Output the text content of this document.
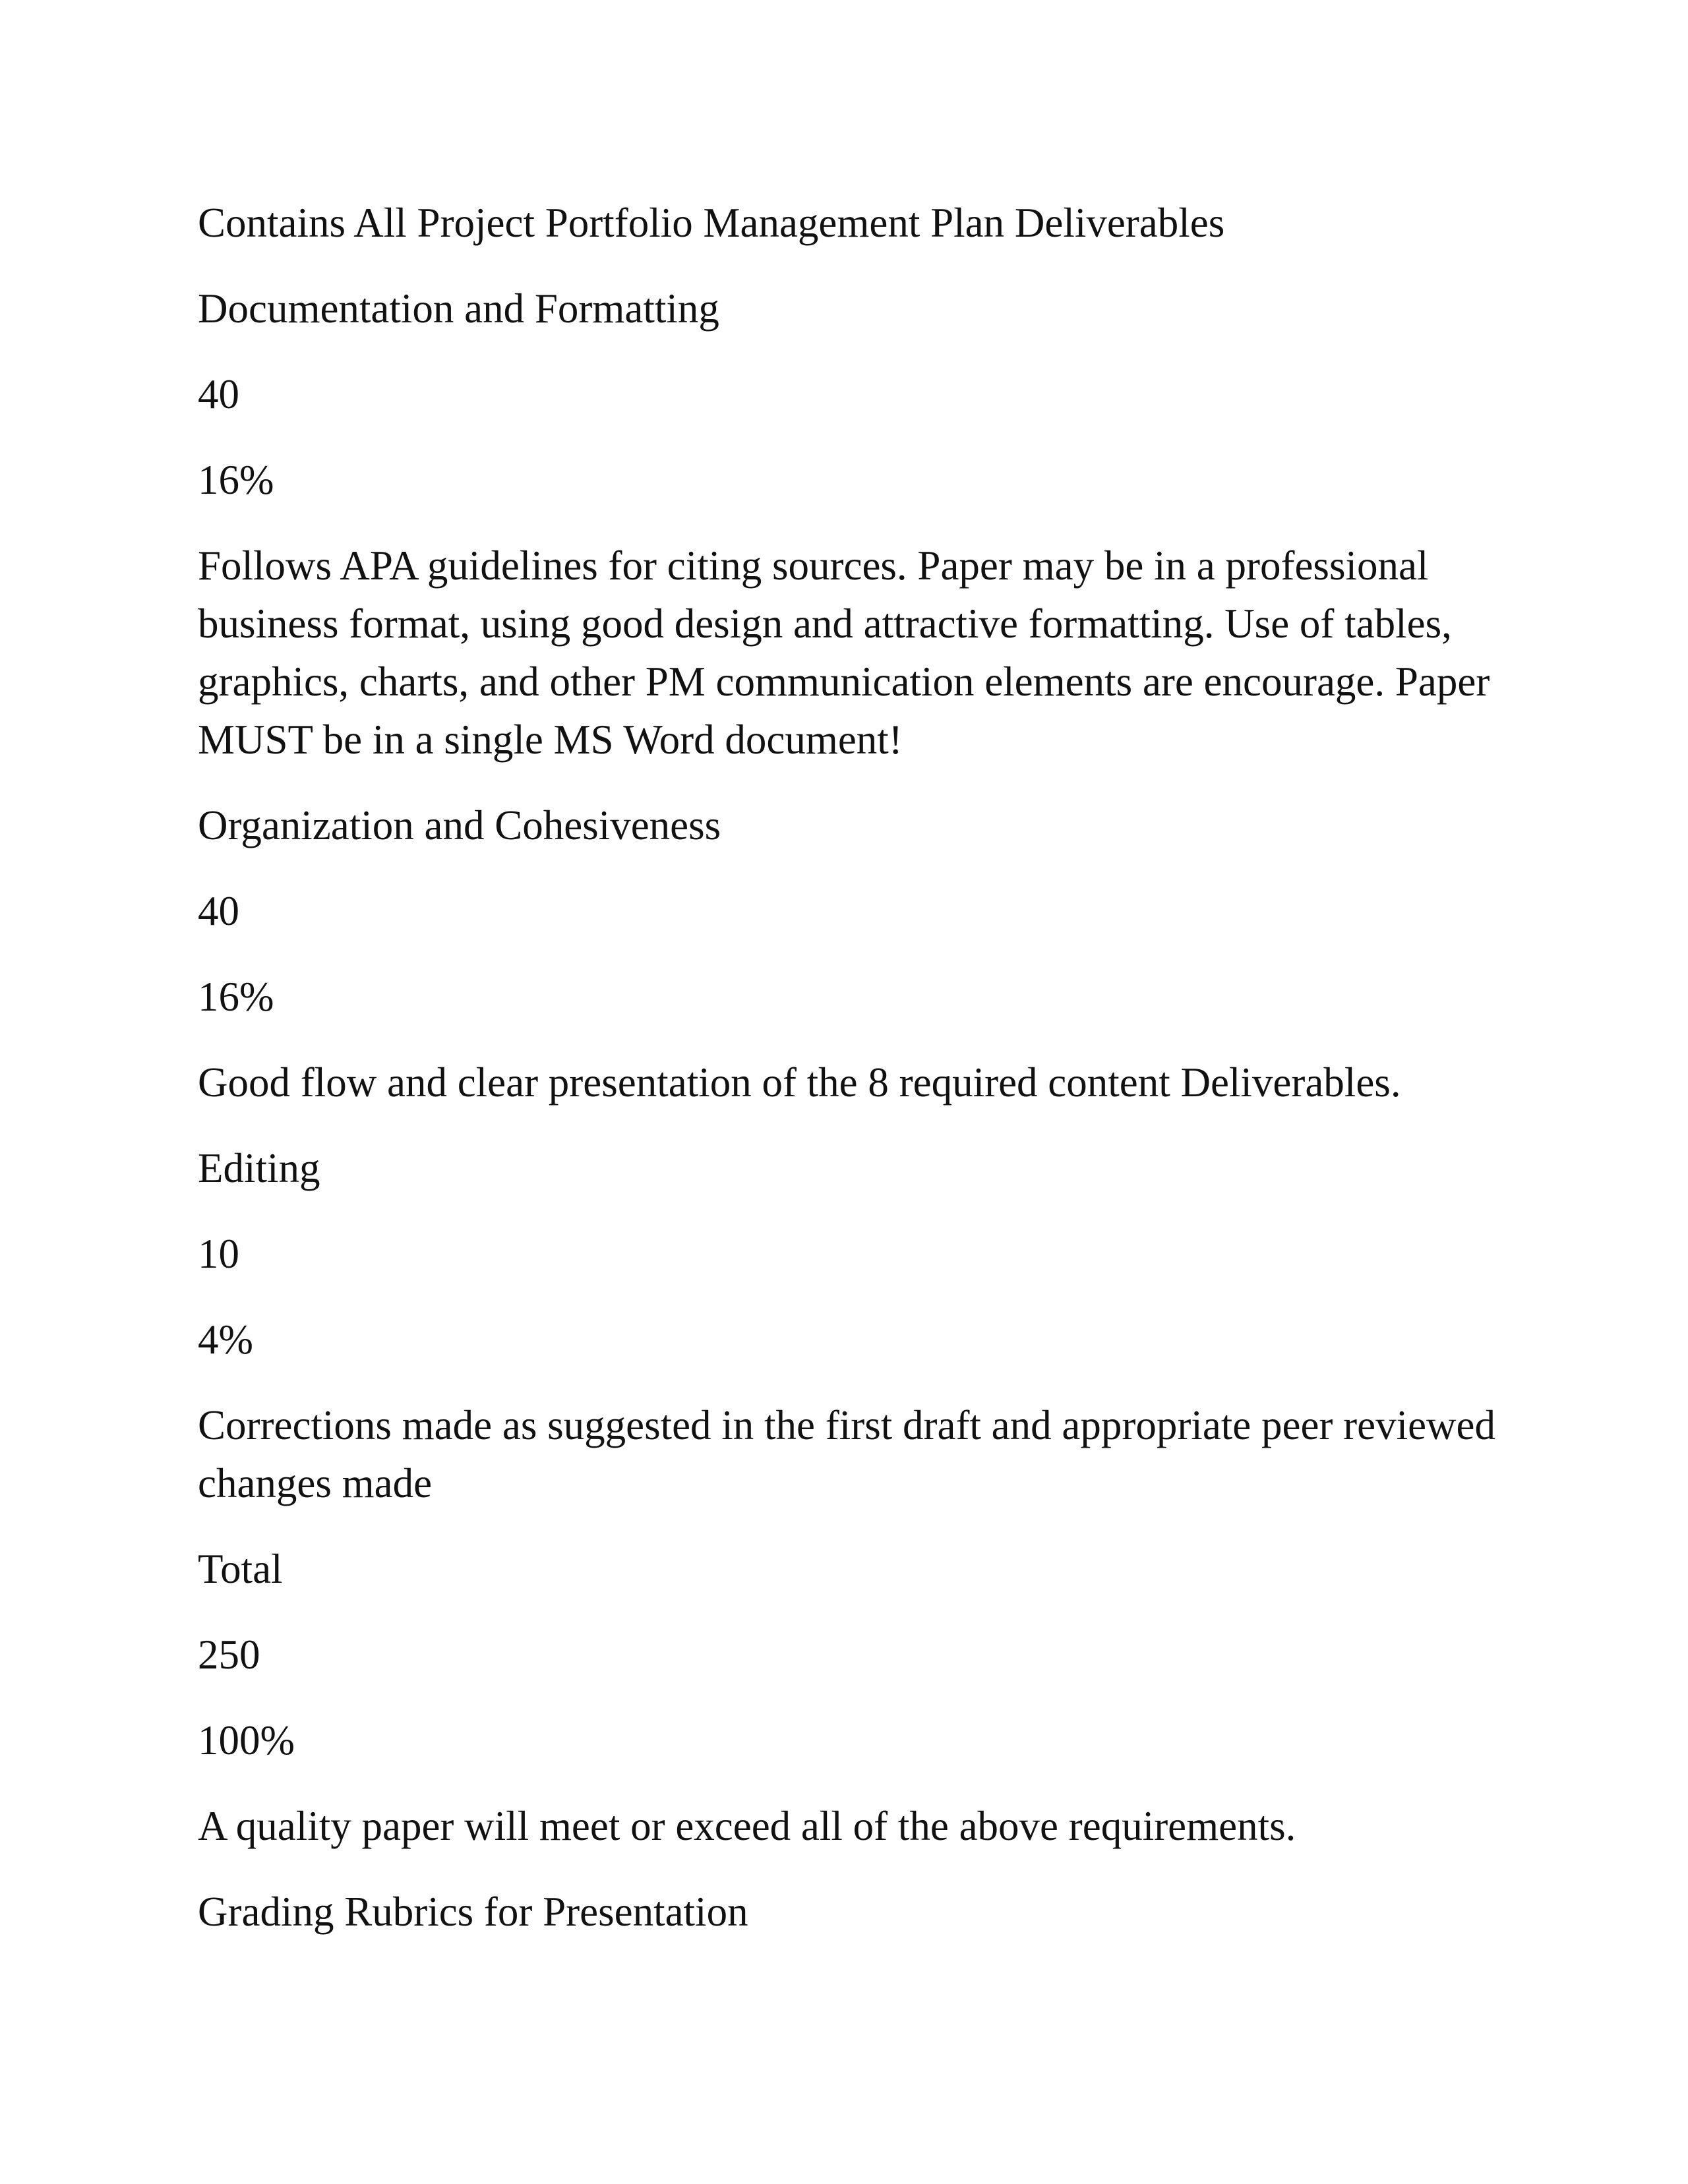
Contains All Project Portfolio Management Plan Deliverables

Documentation and Formatting

40

16%

Follows APA guidelines for citing sources. Paper may be in a professional business format, using good design and attractive formatting. Use of tables, graphics, charts, and other PM communication elements are encourage. Paper MUST be in a single MS Word document!

Organization and Cohesiveness

40

16%

Good flow and clear presentation of the 8 required content Deliverables.

Editing

10

4%

Corrections made as suggested in the first draft and appropriate peer reviewed changes made

Total

250

100%

A quality paper will meet or exceed all of the above requirements.

Grading Rubrics for Presentation
